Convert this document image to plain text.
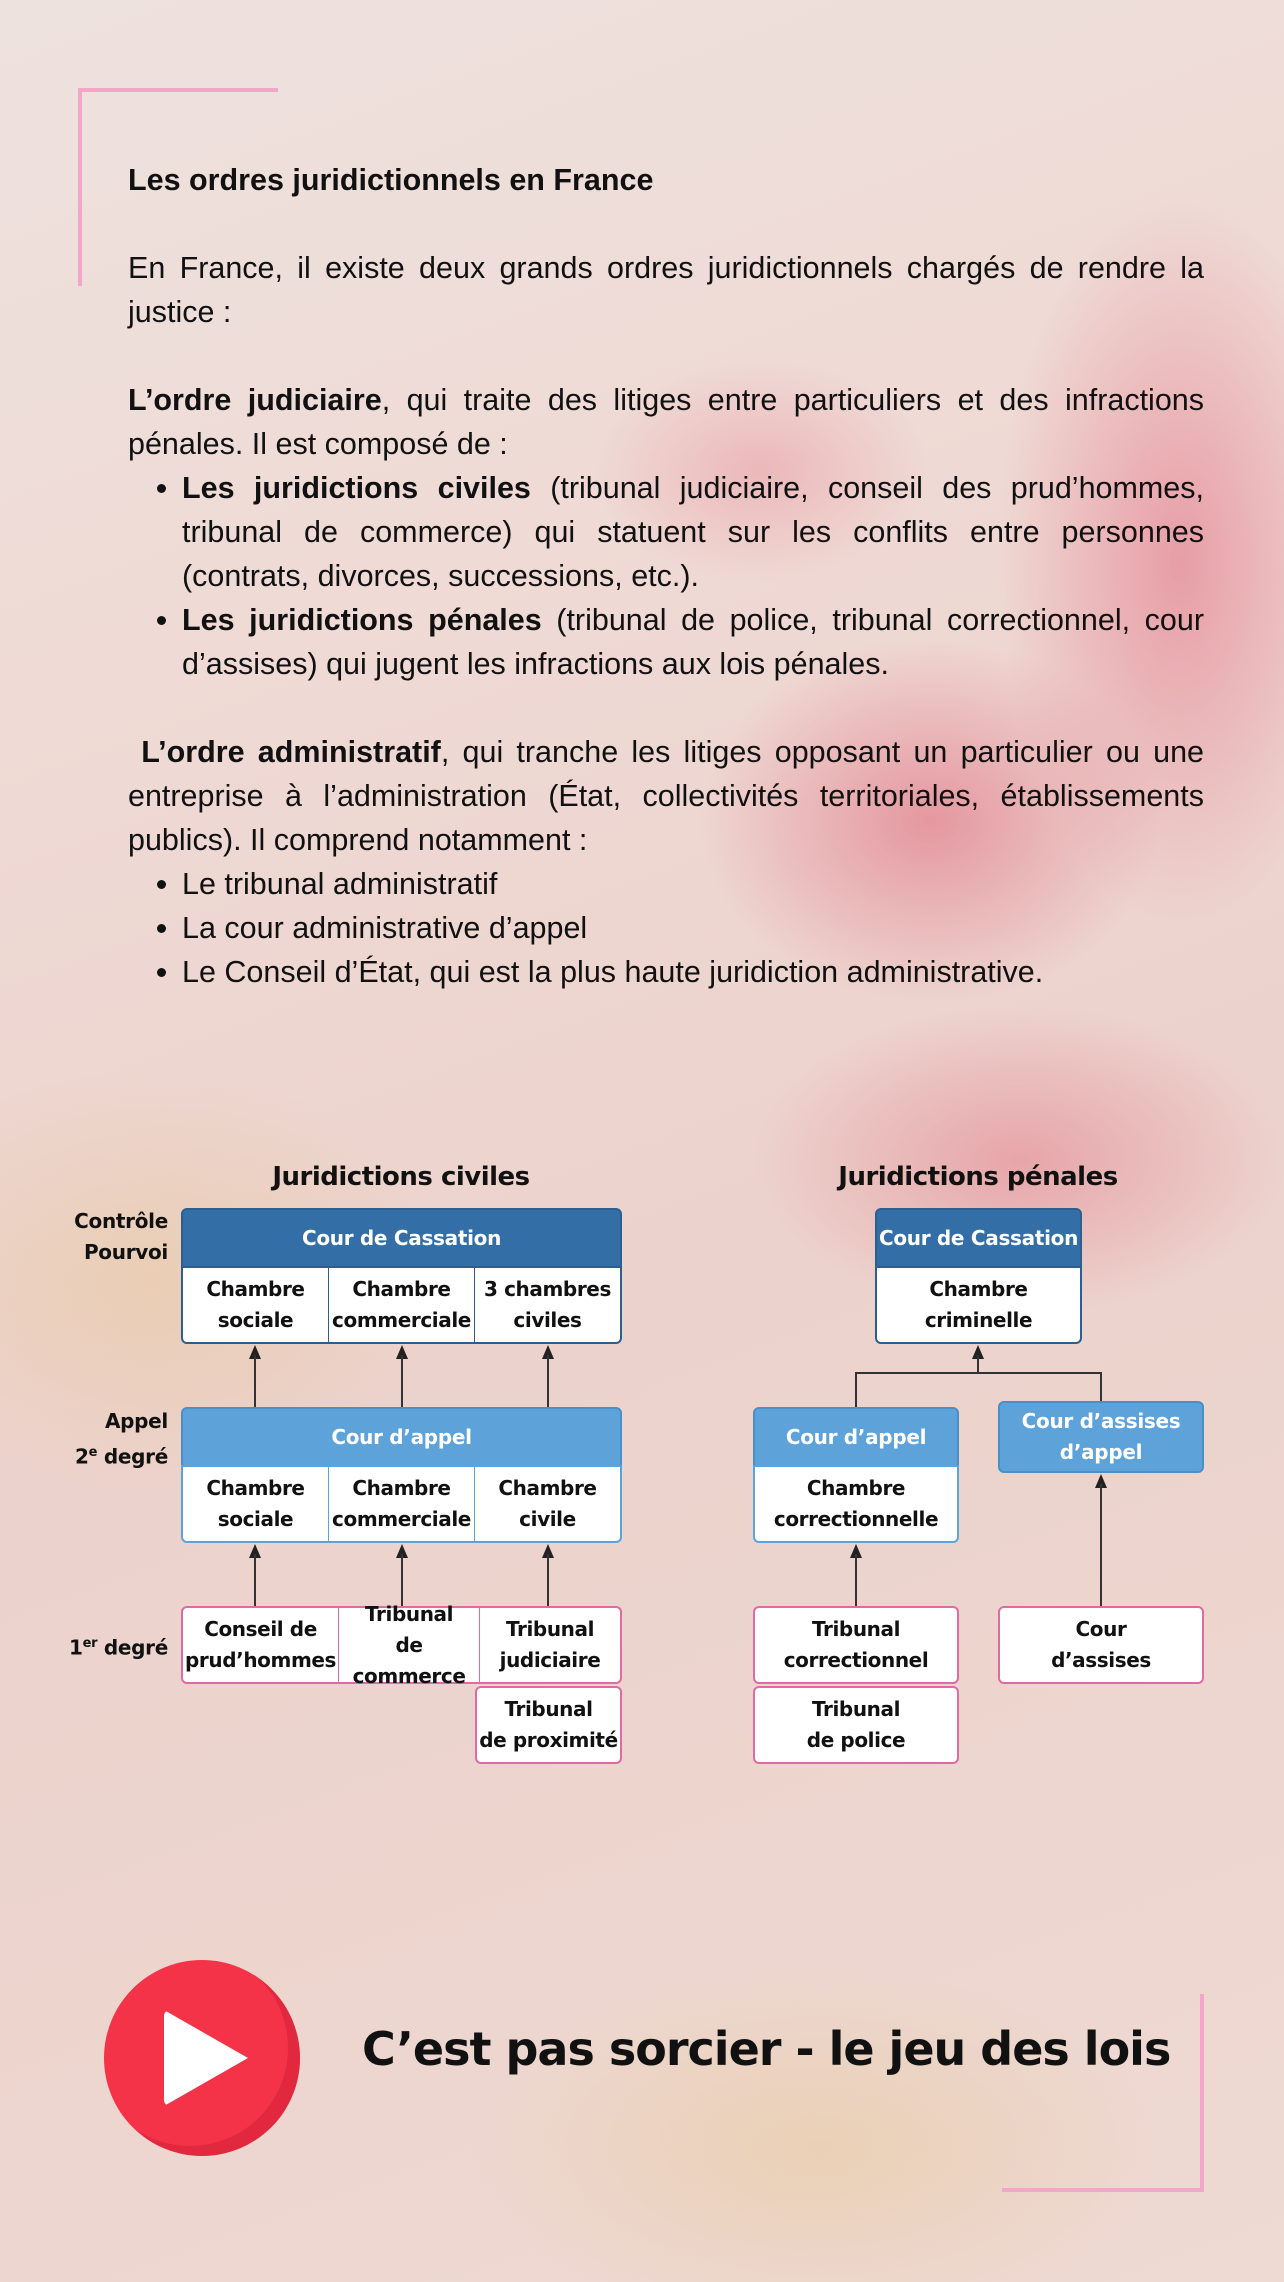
Les ordres juridictionnels en France

En France, il existe deux grands ordres juridictionnels chargés de rendre la justice :

L’ordre judiciaire, qui traite des litiges entre particuliers et des infractions pénales. Il est composé de :

• Les juridictions civiles (tribunal judiciaire, conseil des prud’hommes, tribunal de commerce) qui statuent sur les conflits entre personnes (contrats, divorces, successions, etc.).
• Les juridictions pénales (tribunal de police, tribunal correctionnel, cour d’assises) qui jugent les infractions aux lois pénales.

L’ordre administratif, qui tranche les litiges opposant un particulier ou une entreprise à l’administration (État, collectivités territoriales, établissements publics). Il comprend notamment :

• Le tribunal administratif
• La cour administrative d’appel
• Le Conseil d’État, qui est la plus haute juridiction administrative.
Juridictions civiles	Juridictions pénales
Contrôle
Pourvoi
Appel
2e degré
1er degré
Cour de Cassation
Chambre
sociale
Chambre
commerciale
3 chambres
civiles
Cour d’appel
Chambre
sociale
Chambre
commerciale
Chambre
civile
Conseil de
prud’hommes
Tribunal
de commerce
Tribunal
judiciaire
Tribunal
de proximité
Cour de Cassation
Chambre
criminelle
Cour d’appel
Chambre
correctionnelle
Cour d’assises
d’appel
Tribunal
correctionnel
Tribunal
de police
Cour
d’assises
C’est pas sorcier - le jeu des lois
